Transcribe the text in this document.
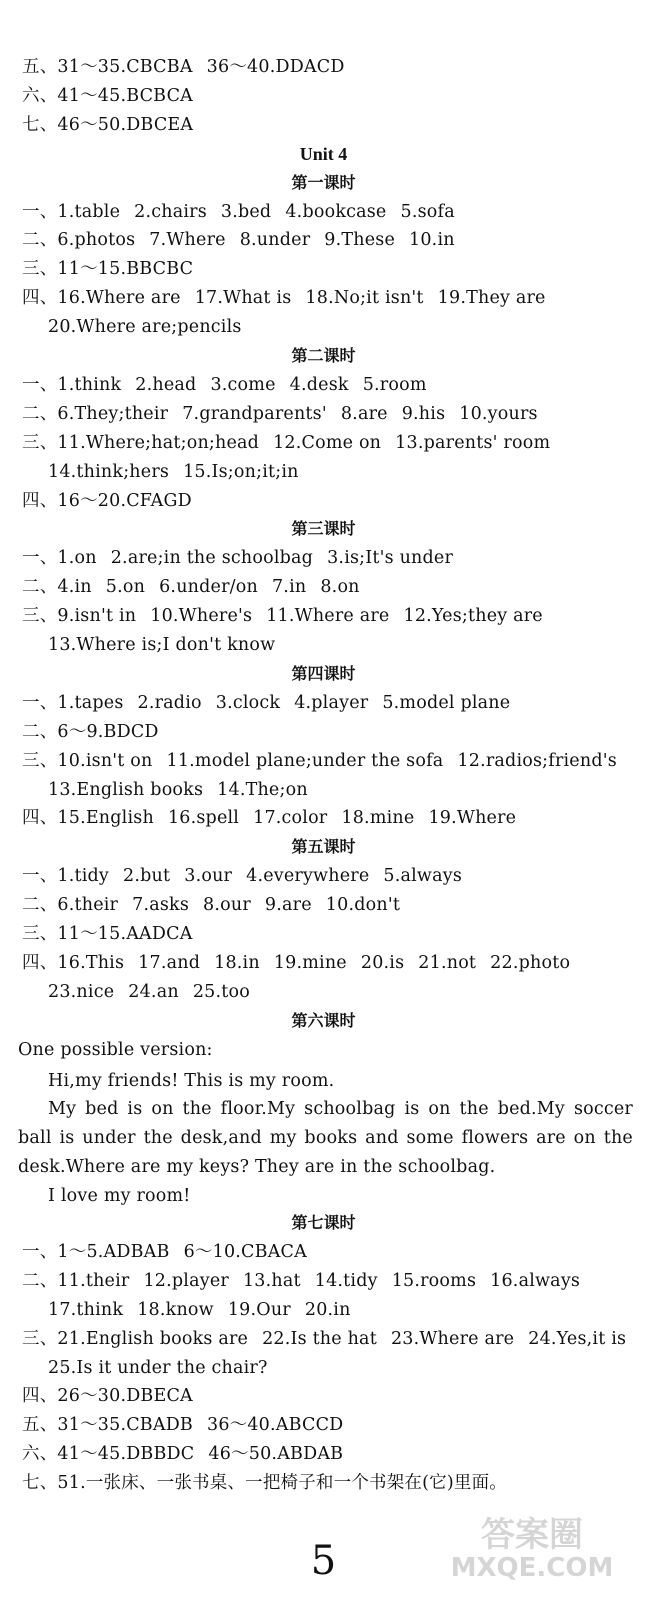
五、31～35.CBCBA 36～40.DDACD
六、41～45.BCBCA
七、46～50.DBCEA
Unit 4
第一课时
一、1.table 2.chairs 3.bed 4.bookcase 5.sofa
二、6.photos 7.Where 8.under 9.These 10.in
三、11～15.BBCBC
四、16.Where are 17.What is 18.No;it isn't 19.They are
20.Where are;pencils
第二课时
一、1.think 2.head 3.come 4.desk 5.room
二、6.They;their 7.grandparents' 8.are 9.his 10.yours
三、11.Where;hat;on;head 12.Come on 13.parents' room
14.think;hers 15.Is;on;it;in
四、16～20.CFAGD
第三课时
一、1.on 2.are;in the schoolbag 3.is;It's under
二、4.in 5.on 6.under/on 7.in 8.on
三、9.isn't in 10.Where's 11.Where are 12.Yes;they are
13.Where is;I don't know
第四课时
一、1.tapes 2.radio 3.clock 4.player 5.model plane
二、6～9.BDCD
三、10.isn't on 11.model plane;under the sofa 12.radios;friend's
13.English books 14.The;on
四、15.English 16.spell 17.color 18.mine 19.Where
第五课时
一、1.tidy 2.but 3.our 4.everywhere 5.always
二、6.their 7.asks 8.our 9.are 10.don't
三、11～15.AADCA
四、16.This 17.and 18.in 19.mine 20.is 21.not 22.photo
23.nice 24.an 25.too
第六课时
One possible version:
Hi,my friends! This is my room.
My bed is on the floor.My schoolbag is on the bed.My soccer ball is under the desk,and my books and some flowers are on the desk.Where are my keys? They are in the schoolbag.
I love my room!
第七课时
一、1～5.ADBAB 6～10.CBACA
二、11.their 12.player 13.hat 14.tidy 15.rooms 16.always
17.think 18.know 19.Our 20.in
三、21.English books are 22.Is the hat 23.Where are 24.Yes,it is
25.Is it under the chair?
四、26～30.DBECA
五、31～35.CBADB 36～40.ABCCD
六、41～45.DBBDC 46～50.ABDAB
七、51.一张床、一张书桌、一把椅子和一个书架在(它)里面。
5
答案圈
MXQE.COM
